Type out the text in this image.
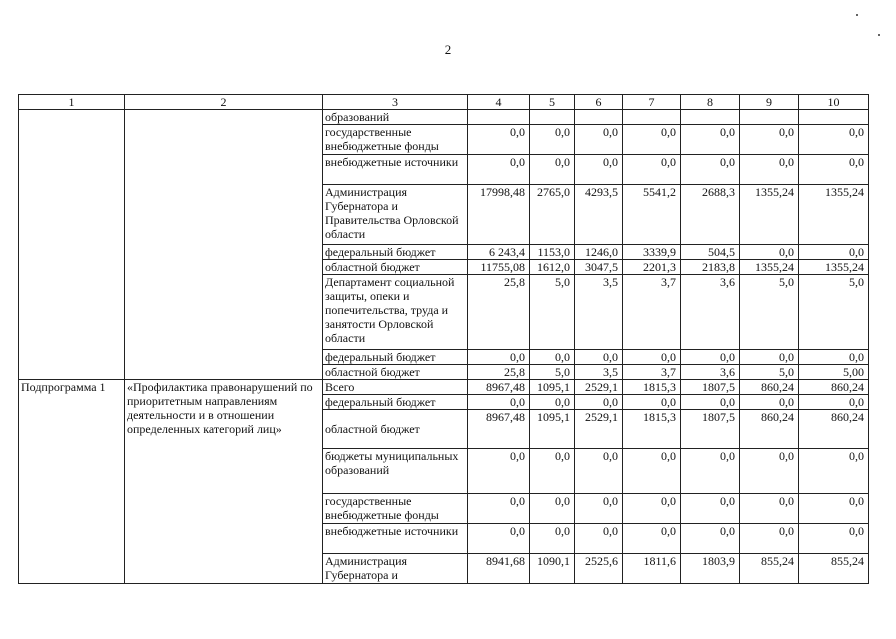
2
1	2	3	4	5	6	7	8	9	10
		образований							
		государственные внебюджетные фонды	0,0	0,0	0,0	0,0	0,0	0,0	0,0
		внебюджетные источники	0,0	0,0	0,0	0,0	0,0	0,0	0,0
		Администрация Губернатора и Правительства Орловской области	17998,48	2765,0	4293,5	5541,2	2688,3	1355,24	1355,24
		федеральный бюджет	6 243,4	1153,0	1246,0	3339,9	504,5	0,0	0,0
		областной бюджет	11755,08	1612,0	3047,5	2201,3	2183,8	1355,24	1355,24
		Департамент социальной защиты, опеки и попечительства, труда и занятости Орловской области	25,8	5,0	3,5	3,7	3,6	5,0	5,0
		федеральный бюджет	0,0	0,0	0,0	0,0	0,0	0,0	0,0
		областной бюджет	25,8	5,0	3,5	3,7	3,6	5,0	5,00
Подпрограмма 1	«Профилактика правонарушений по приоритетным направлениям деятельности и в отношении определенных категорий лиц»	Всего	8967,48	1095,1	2529,1	1815,3	1807,5	860,24	860,24
		федеральный бюджет	0,0	0,0	0,0	0,0	0,0	0,0	0,0
		областной бюджет	8967,48	1095,1	2529,1	1815,3	1807,5	860,24	860,24
		бюджеты муниципальных образований	0,0	0,0	0,0	0,0	0,0	0,0	0,0
		государственные внебюджетные фонды	0,0	0,0	0,0	0,0	0,0	0,0	0,0
		внебюджетные источники	0,0	0,0	0,0	0,0	0,0	0,0	0,0
		Администрация Губернатора и	8941,68	1090,1	2525,6	1811,6	1803,9	855,24	855,24
